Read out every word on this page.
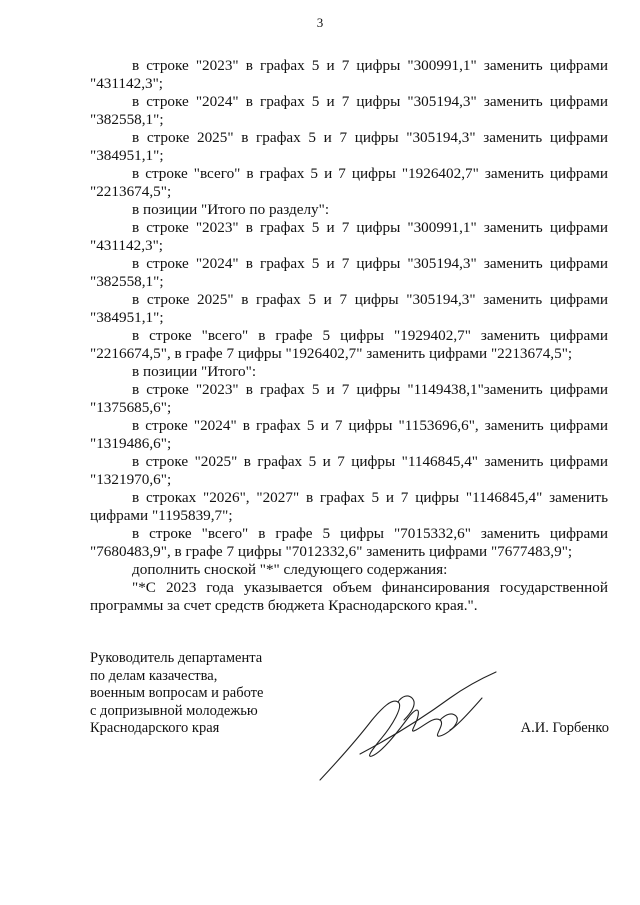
3

в строке "2023" в графах 5 и 7 цифры "300991,1" заменить цифрами "431142,3";

в строке "2024" в графах 5 и 7 цифры "305194,3" заменить цифрами "382558,1";

в строке 2025" в графах 5 и 7 цифры "305194,3" заменить цифрами "384951,1";

в строке "всего" в графах 5 и 7 цифры "1926402,7" заменить цифрами "2213674,5";

в позиции "Итого по разделу":

в строке "2023" в графах 5 и 7 цифры "300991,1" заменить цифрами "431142,3";

в строке "2024" в графах 5 и 7 цифры "305194,3" заменить цифрами "382558,1";

в строке 2025" в графах 5 и 7 цифры "305194,3" заменить цифрами "384951,1";

в строке "всего" в графе 5 цифры "1929402,7" заменить цифрами "2216674,5", в графе 7 цифры "1926402,7" заменить цифрами "2213674,5";

в позиции "Итого":

в строке "2023" в графах 5 и 7 цифры "1149438,1"заменить цифрами "1375685,6";

в строке "2024" в графах 5 и 7 цифры "1153696,6", заменить цифрами "1319486,6";

в строке "2025" в графах 5 и 7 цифры "1146845,4" заменить цифрами "1321970,6";

в строках "2026", "2027" в графах 5 и 7 цифры "1146845,4" заменить цифрами "1195839,7";

в строке "всего" в графе 5 цифры "7015332,6" заменить цифрами "7680483,9", в графе 7 цифры "7012332,6" заменить цифрами "7677483,9";

дополнить сноской "*" следующего содержания:

"*С 2023 года указывается объем финансирования государственной программы за счет средств бюджета Краснодарского края.".

Руководитель департамента
по делам казачества,
военным вопросам и работе
с допризывной молодежью
Краснодарского края	А.И. Горбенко
